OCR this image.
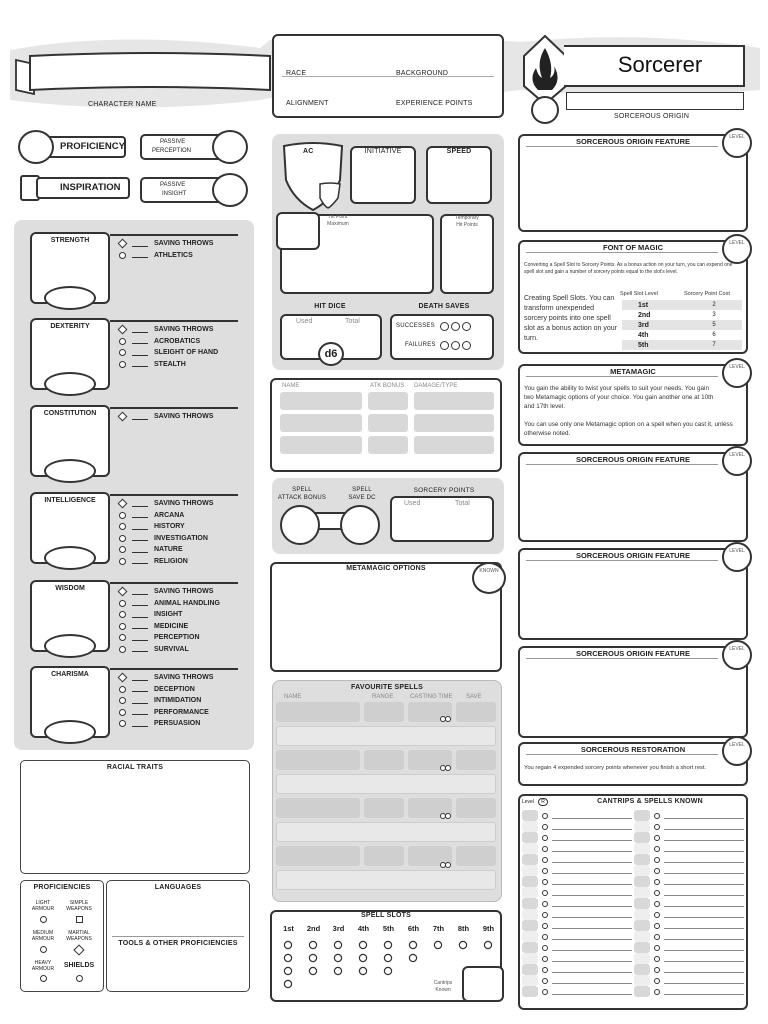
CHARACTER NAME
RACE	BACKGROUND
ALIGNMENT	EXPERIENCE POINTS
Sorcerer
SORCEROUS ORIGIN
PROFICIENCY
INSPIRATION
PASSIVE
PERCEPTION
PASSIVE
INSIGHT
STRENGTH	SAVING THROWS
ATHLETICS
DEXTERITY	SAVING THROWS
ACROBATICS
SLEIGHT OF HAND
STEALTH
CONSTITUTION	SAVING THROWS
INTELLIGENCE	SAVING THROWS
ARCANA
HISTORY
INVESTIGATION
NATURE
RELIGION
WISDOM	SAVING THROWS
ANIMAL HANDLING
INSIGHT
MEDICINE
PERCEPTION
SURVIVAL
CHARISMA	SAVING THROWS
DECEPTION
INTIMIDATION
PERFORMANCE
PERSUASION
RACIAL TRAITS
PROFICIENCIES
LIGHT
ARMOUR
SIMPLE
WEAPONS
MEDIUM
ARMOUR
MARTIAL
WEAPONS
HEAVY
ARMOUR	SHIELDS
LANGUAGES
TOOLS & OTHER PROFICIENCIES
AC	INITIATIVE	SPEED
Hit Point
Maximum
Temporary
Hit Points
HIT DICE
Used	Total
d6
DEATH SAVES
SUCCESSES
FAILURES
NAME	ATK BONUS DAMAGE/TYPE
SPELL
ATTACK BONUS
SPELL
SAVE DC
SORCERY POINTS
Used	Total
METAMAGIC OPTIONS	KNOWN
FAVOURITE SPELLS
NAME	RANGE	CASTING TIME SAVE
SPELL SLOTS
1st	2nd	3rd	4th	5th	6th	7th	8th	9th
Cantrips
Known
SORCEROUS ORIGIN FEATURE	LEVEL
FONT OF MAGIC	LEVEL
Converting a Spell Slot to Sorcery Points. As a bonus action on your turn, you can expend one spell slot and gain a number of sorcery points equal to the slot's level.
Creating Spell Slots. You can transform unexpended sorcery points into one spell slot as a bonus action on your turn.
Spell Slot Level	Sorcery Point Cost
1st	2
2nd	3
3rd	5
4th	6
5th	7
METAMAGIC	LEVEL
You gain the ability to twist your spells to suit your needs. You gain two Metamagic options of your choice. You gain another one at 10th and 17th level.
You can use only one Metamagic option on a spell when you cast it, unless otherwise noted.
SORCEROUS ORIGIN FEATURE	LEVEL
SORCEROUS ORIGIN FEATURE	LEVEL
SORCEROUS ORIGIN FEATURE	LEVEL
SORCEROUS RESTORATION	LEVEL
You regain 4 expended sorcery points whenever you finish a short rest.
CANTRIPS & SPELLS KNOWN
Level	R
